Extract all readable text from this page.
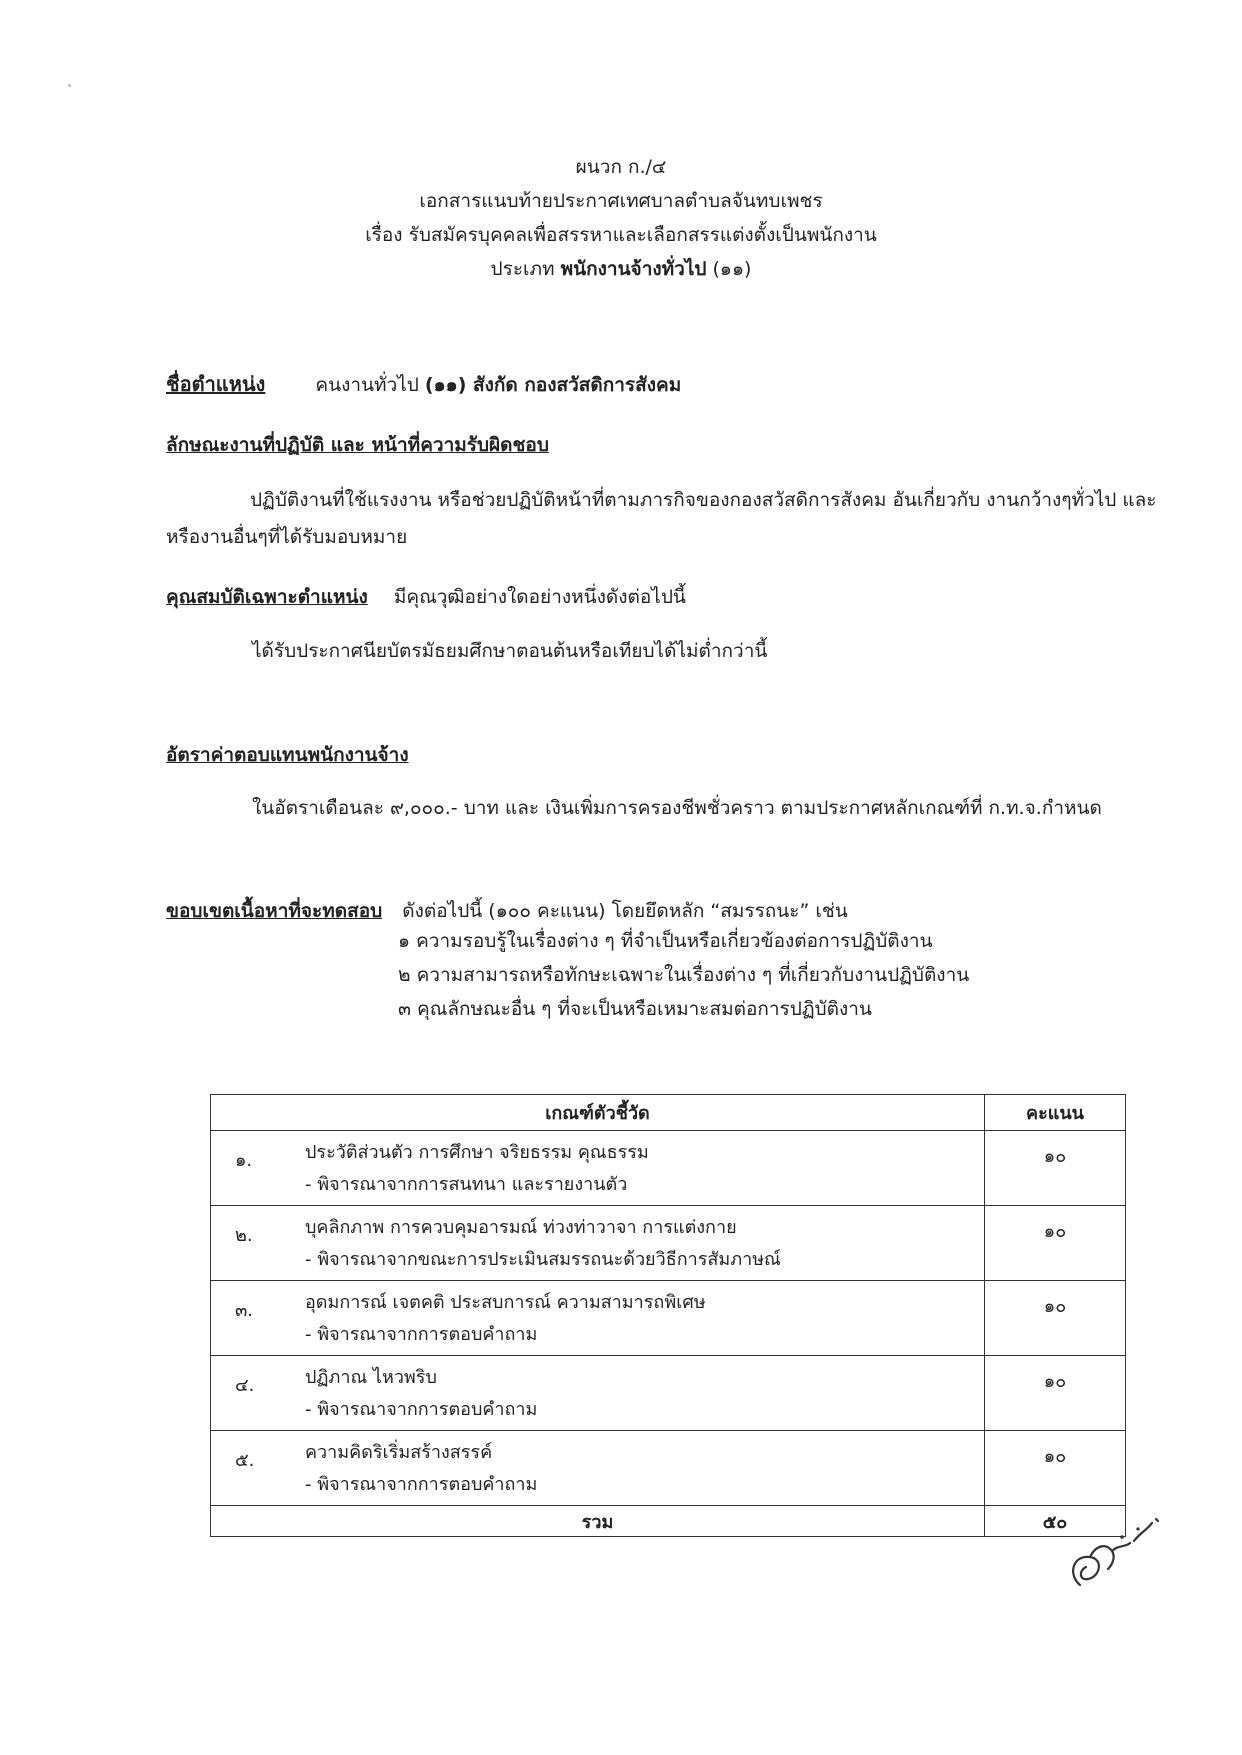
ผนวก ก./๔
เอกสารแนบท้ายประกาศเทศบาลตำบลจันทบเพชร
เรื่อง รับสมัครบุคคลเพื่อสรรหาและเลือกสรรแต่งตั้งเป็นพนักงาน
ประเภท พนักงานจ้างทั่วไป (๑๑)
ชื่อตำแหน่ง	คนงานทั่วไป (๑๑) สังกัด กองสวัสดิการสังคม
ลักษณะงานที่ปฏิบัติ และ หน้าที่ความรับผิดชอบ
ปฏิบัติงานที่ใช้แรงงาน หรือช่วยปฏิบัติหน้าที่ตามภารกิจของกองสวัสดิการสังคม อันเกี่ยวกับ งานกว้างๆทั่วไป และ
หรืองานอื่นๆที่ได้รับมอบหมาย
คุณสมบัติเฉพาะตำแหน่ง มีคุณวุฒิอย่างใดอย่างหนึ่งดังต่อไปนี้
ได้รับประกาศนียบัตรมัธยมศึกษาตอนต้นหรือเทียบได้ไม่ต่ำกว่านี้
อัตราค่าตอบแทนพนักงานจ้าง
ในอัตราเดือนละ ๙,๐๐๐.- บาท และ เงินเพิ่มการครองชีพชั่วคราว ตามประกาศหลักเกณฑ์ที่ ก.ท.จ.กำหนด
ขอบเขตเนื้อหาที่จะทดสอบ ดังต่อไปนี้ (๑๐๐ คะแนน) โดยยึดหลัก “สมรรถนะ” เช่น
๑ ความรอบรู้ในเรื่องต่าง ๆ ที่จำเป็นหรือเกี่ยวข้องต่อการปฏิบัติงาน
๒ ความสามารถหรือทักษะเฉพาะในเรื่องต่าง ๆ ที่เกี่ยวกับงานปฏิบัติงาน
๓ คุณลักษณะอื่น ๆ ที่จะเป็นหรือเหมาะสมต่อการปฏิบัติงาน
เกณฑ์ตัวชี้วัด		คะแนน
๑.	ประวัติส่วนตัว การศึกษา จริยธรรม คุณธรรม
- พิจารณาจากการสนทนา และรายงานตัว	๑๐
๒.	บุคลิกภาพ การควบคุมอารมณ์ ท่วงท่าวาจา การแต่งกาย
- พิจารณาจากขณะการประเมินสมรรถนะด้วยวิธีการสัมภาษณ์	๑๐
๓.	อุดมการณ์ เจตคติ ประสบการณ์ ความสามารถพิเศษ
- พิจารณาจากการตอบคำถาม	๑๐
๔.	ปฏิภาณ ไหวพริบ
- พิจารณาจากการตอบคำถาม	๑๐
๕.	ความคิดริเริ่มสร้างสรรค์
- พิจารณาจากการตอบคำถาม	๑๐
รวม		๕๐
